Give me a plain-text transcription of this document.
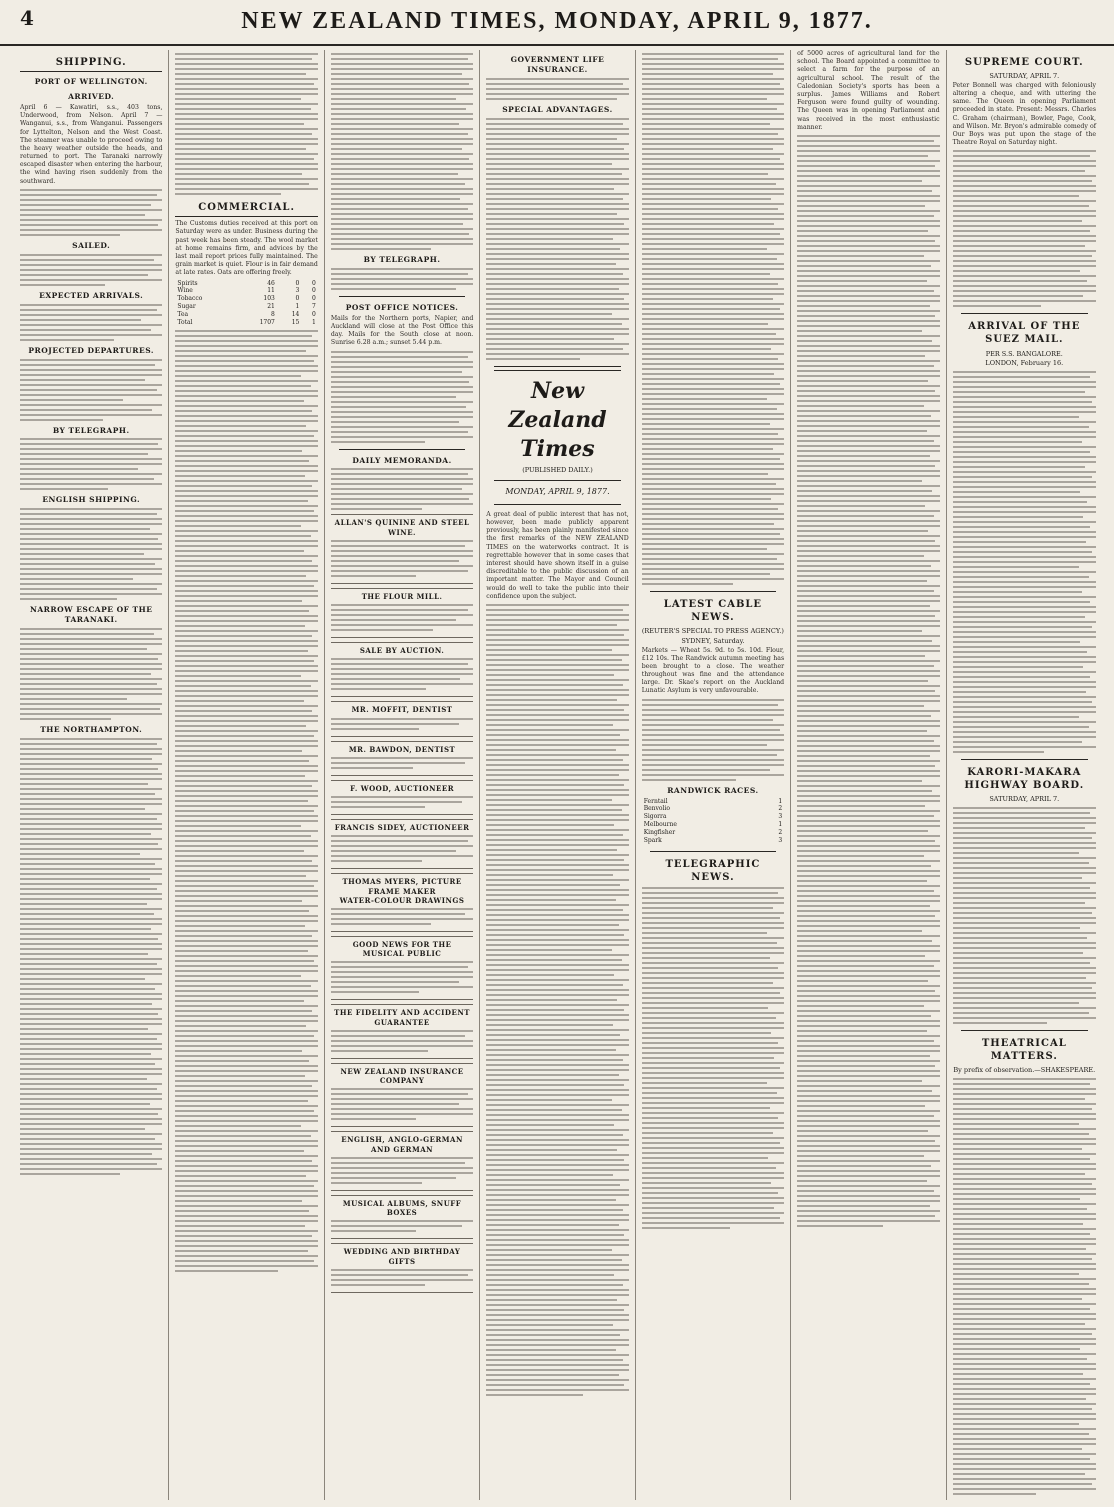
4	NEW ZEALAND TIMES, MONDAY, APRIL 9, 1877.
SHIPPING.
PORT OF WELLINGTON.
ARRIVED.
April 6 — Kawatiri, s.s., 403 tons, Underwood, from Nelson. April 7 — Wanganui, s.s., from Wanganui. Passengers for Lyttelton, Nelson and the West Coast. The steamer was unable to proceed owing to the heavy weather outside the heads, and returned to port. The Taranaki narrowly escaped disaster when entering the harbour, the wind having risen suddenly from the southward.
SAILED.
EXPECTED ARRIVALS.
PROJECTED DEPARTURES.
BY TELEGRAPH.
ENGLISH SHIPPING.
NARROW ESCAPE OF THE TARANAKI.
THE NORTHAMPTON.
COMMERCIAL.
The Customs duties received at this port on Saturday were as under. Business during the past week has been steady. The wool market at home remains firm, and advices by the last mail report prices fully maintained. The grain market is quiet. Flour is in fair demand at late rates. Oats are offering freely.
Spirits	46	0	0
Wine	11	3	0
Tobacco	103	0	0
Sugar	21	1	7
Tea	8	14	0
Total	1707	15	1
BY TELEGRAPH.
POST OFFICE NOTICES.
Mails for the Northern ports, Napier, and Auckland will close at the Post Office this day. Mails for the South close at noon. Sunrise 6.28 a.m.; sunset 5.44 p.m.
DAILY MEMORANDA.
ALLAN'S QUININE AND STEEL WINE.
THE FLOUR MILL.
SALE BY AUCTION.
MR. MOFFIT, DENTIST
MR. BAWDON, DENTIST
F. WOOD, AUCTIONEER
FRANCIS SIDEY, AUCTIONEER
THOMAS MYERS, PICTURE FRAME MAKER
WATER-COLOUR DRAWINGS
GOOD NEWS FOR THE MUSICAL PUBLIC
THE FIDELITY AND ACCIDENT GUARANTEE
NEW ZEALAND INSURANCE COMPANY
ENGLISH, ANGLO-GERMAN AND GERMAN
MUSICAL ALBUMS, SNUFF BOXES
WEDDING AND BIRTHDAY GIFTS
GOVERNMENT LIFE INSURANCE.
SPECIAL ADVANTAGES.
New Zealand Times
(PUBLISHED DAILY.)
MONDAY, APRIL 9, 1877.
A great deal of public interest that has not, however, been made publicly apparent previously, has been plainly manifested since the first remarks of the NEW ZEALAND TIMES on the waterworks contract. It is regrettable however that in some cases that interest should have shown itself in a guise discreditable to the public discussion of an important matter. The Mayor and Council would do well to take the public into their confidence upon the subject.
LATEST CABLE NEWS.
(REUTER'S SPECIAL TO PRESS AGENCY.)
SYDNEY, Saturday.
Markets — Wheat 5s. 9d. to 5s. 10d. Flour, £12 10s. The Randwick autumn meeting has been brought to a close. The weather throughout was fine and the attendance large. Dr. Skae's report on the Auckland Lunatic Asylum is very unfavourable.
RANDWICK RACES.
Ferntail	1
Benvolio	2
Sigorra	3
Melbourne	1
Kingfisher	2
Spark	3
TELEGRAPHIC NEWS.
of 5000 acres of agricultural land for the school. The Board appointed a committee to select a farm for the purpose of an agricultural school. The result of the Caledonian Society's sports has been a surplus. James Williams and Robert Ferguson were found guilty of wounding. The Queen was in opening Parliament and was received in the most enthusiastic manner.
SUPREME COURT.
SATURDAY, APRIL 7.
Peter Bonnell was charged with feloniously altering a cheque, and with uttering the same. The Queen in opening Parliament proceeded in state. Present: Messrs. Charles C. Graham (chairman), Bowler, Page, Cook, and Wilson. Mr. Bryon's admirable comedy of Our Boys was put upon the stage of the Theatre Royal on Saturday night.
ARRIVAL OF THE SUEZ MAIL.
PER S.S. BANGALORE.
LONDON, February 16.
KARORI-MAKARA HIGHWAY BOARD.
SATURDAY, APRIL 7.
THEATRICAL MATTERS.
By prefix of observation.—SHAKESPEARE.
